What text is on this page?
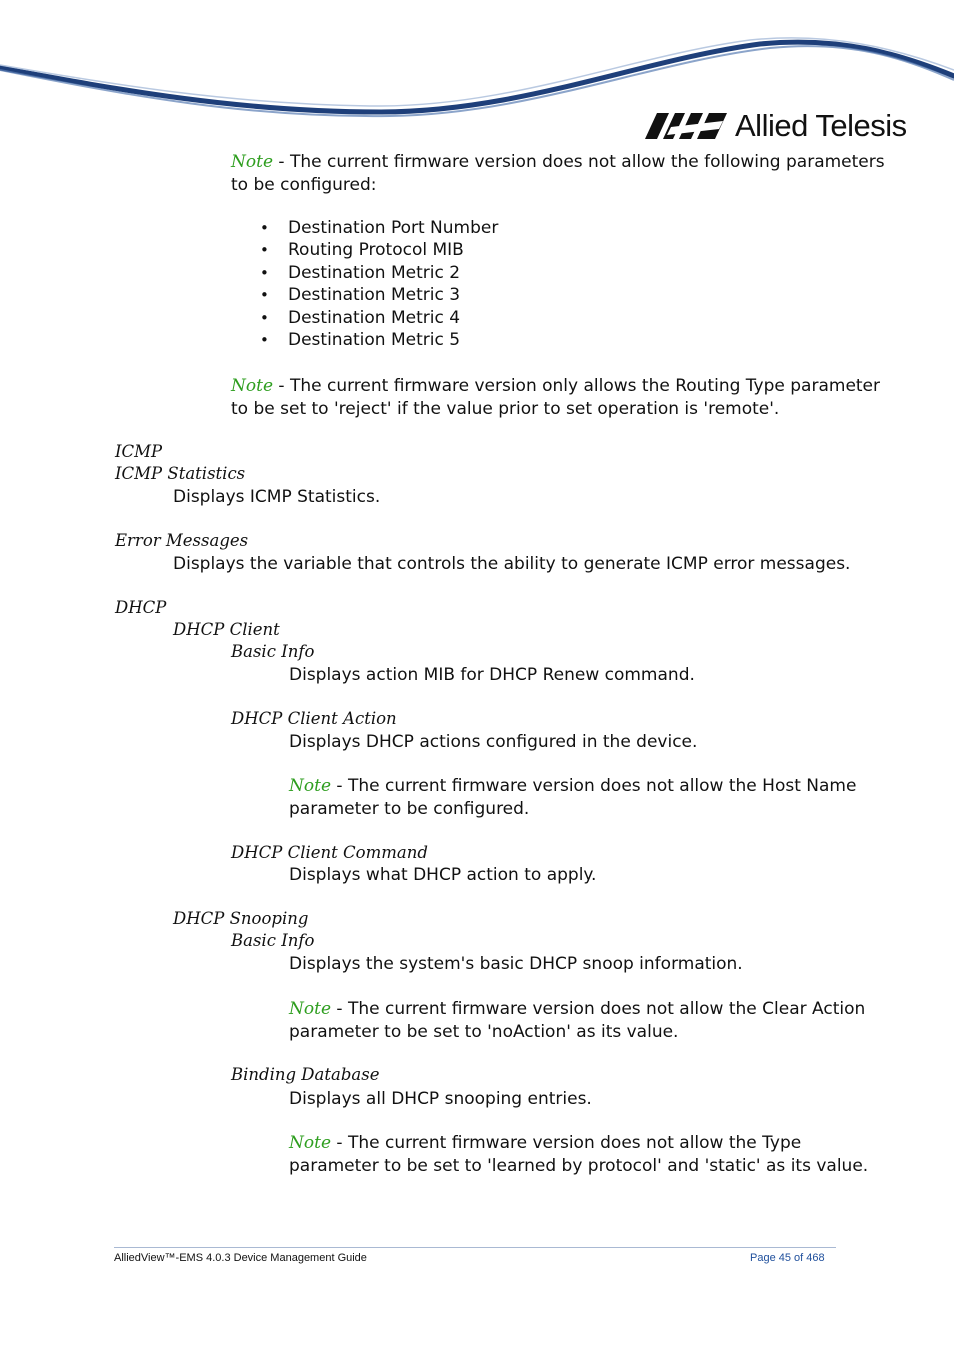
Allied Telesis

Note - The current firmware version does not allow the following parameters
to be configured:

• Destination Port Number
• Routing Protocol MIB
• Destination Metric 2
• Destination Metric 3
• Destination Metric 4
• Destination Metric 5

Note - The current firmware version only allows the Routing Type parameter
to be set to 'reject' if the value prior to set operation is 'remote'.

ICMP
ICMP Statistics

Displays ICMP Statistics.

Error Messages

Displays the variable that controls the ability to generate ICMP error messages.

DHCP
DHCP Client
Basic Info

Displays action MIB for DHCP Renew command.

DHCP Client Action

Displays DHCP actions configured in the device.

Note - The current firmware version does not allow the Host Name
parameter to be configured.

DHCP Client Command

Displays what DHCP action to apply.

DHCP Snooping
Basic Info

Displays the system's basic DHCP snoop information.

Note - The current firmware version does not allow the Clear Action
parameter to be set to 'noAction' as its value.

Binding Database

Displays all DHCP snooping entries.

Note - The current firmware version does not allow the Type
parameter to be set to 'learned by protocol' and 'static' as its value.

AlliedView™-EMS 4.0.3 Device Management Guide	Page 45 of 468
